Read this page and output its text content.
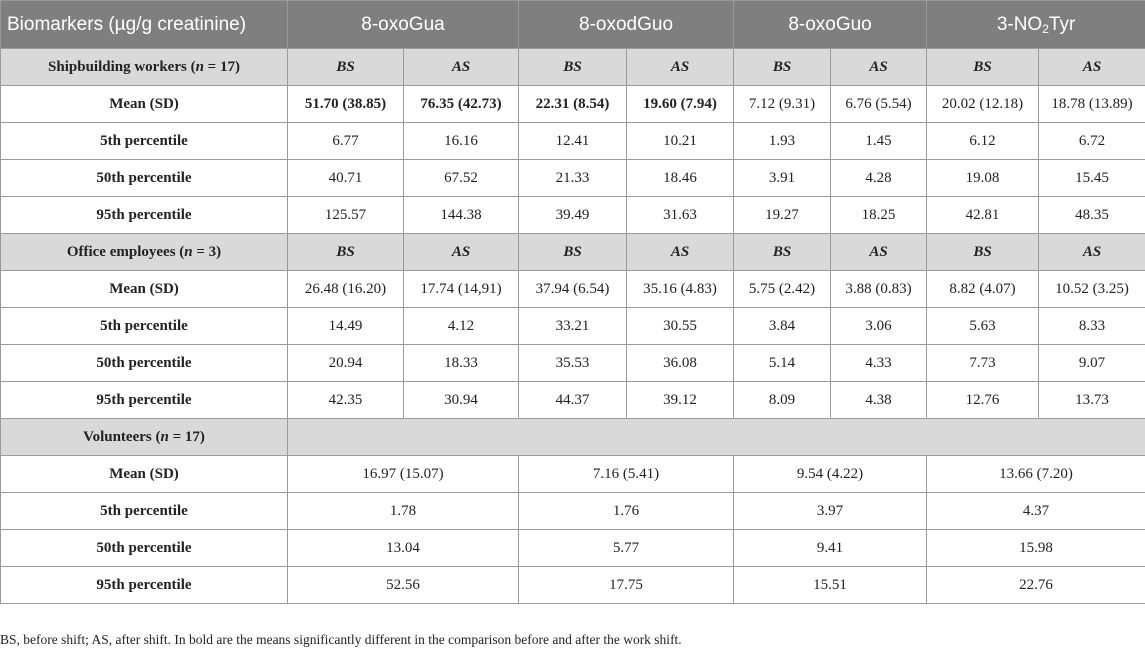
Biomarkers (µg/g creatinine)	8-oxoGua		8-oxodGuo		8-oxoGuo		$3-NO_2Tyr$	
Shipbuilding workers (n = 17)	BS	AS	BS	AS	BS	AS	BS	AS
Mean (SD)	51.70 (38.85)	76.35 (42.73)	22.31 (8.54)	19.60 (7.94)	7.12 (9.31)	6.76 (5.54)	20.02 (12.18)	18.78 (13.89)
5th percentile	6.77	16.16	12.41	10.21	1.93	1.45	6.12	6.72
50th percentile	40.71	67.52	21.33	18.46	3.91	4.28	19.08	15.45
95th percentile	125.57	144.38	39.49	31.63	19.27	18.25	42.81	48.35
Office employees (n = 3)	BS	AS	BS	AS	BS	AS	BS	AS
Mean (SD)	26.48 (16.20)	17.74 (14,91)	37.94 (6.54)	35.16 (4.83)	5.75 (2.42)	3.88 (0.83)	8.82 (4.07)	10.52 (3.25)
5th percentile	14.49	4.12	33.21	30.55	3.84	3.06	5.63	8.33
50th percentile	20.94	18.33	35.53	36.08	5.14	4.33	7.73	9.07
95th percentile	42.35	30.94	44.37	39.12	8.09	4.38	12.76	13.73
Volunteers (n = 17)								
Mean (SD)	16.97 (15.07)		7.16 (5.41)		9.54 (4.22)		13.66 (7.20)	
5th percentile	1.78		1.76		3.97		4.37	
50th percentile	13.04		5.77		9.41		15.98	
95th percentile	52.56		17.75		15.51		22.76	
BS, before shift; AS, after shift. In bold are the means significantly different in the comparison before and after the work shift.
